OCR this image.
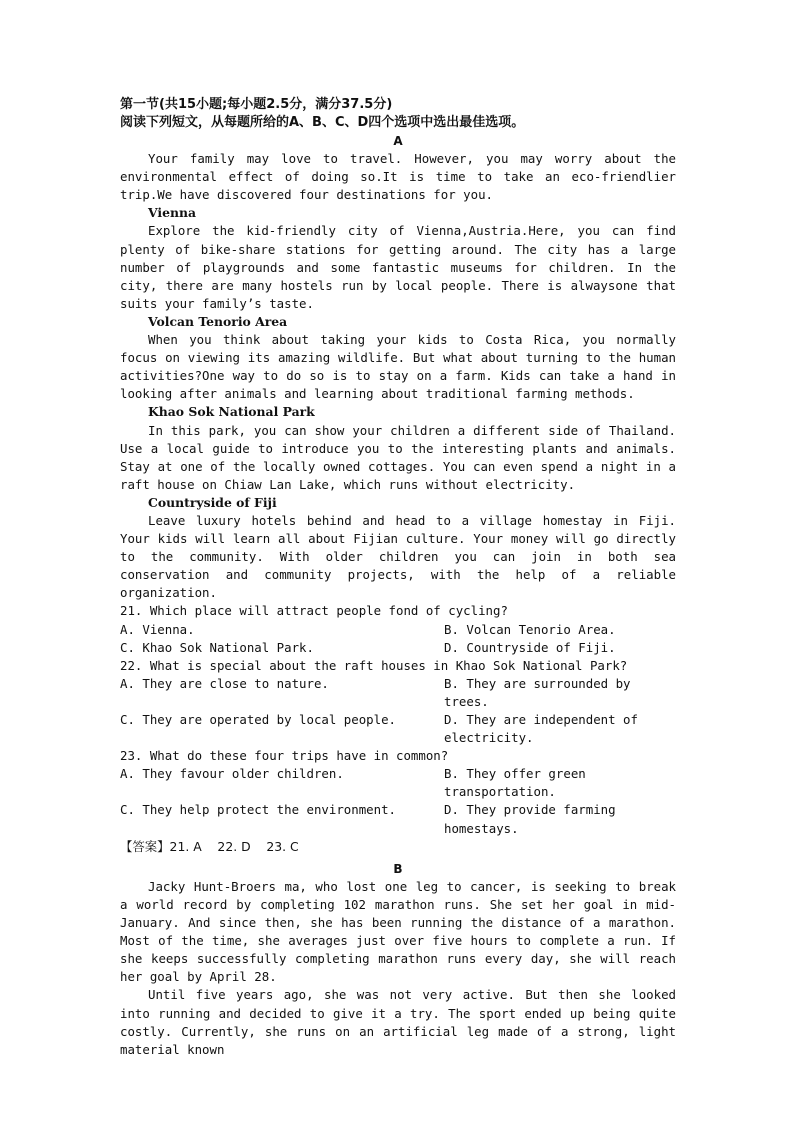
第一节(共15小题;每小题2.5分，满分37.5分)
阅读下列短文，从每题所给的A、B、C、D四个选项中选出最佳选项。
A

Your family may love to travel. However, you may worry about the environmental effect of doing so.It is time to take an eco-friendlier trip.We have discovered four destinations for you.

Vienna

Explore the kid-friendly city of Vienna,Austria.Here, you can find plenty of bike-share stations for getting around. The city has a large number of playgrounds and some fantastic museums for children. In the city, there are many hostels run by local people. There is alwaysone that suits your family’s taste.

Volcan Tenorio Area

When you think about taking your kids to Costa Rica, you normally focus on viewing its amazing wildlife. But what about turning to the human activities?One way to do so is to stay on a farm. Kids can take a hand in looking after animals and learning about traditional farming methods.

Khao Sok National Park

In this park, you can show your children a different side of Thailand. Use a local guide to introduce you to the interesting plants and animals. Stay at one of the locally owned cottages. You can even spend a night in a raft house on Chiaw Lan Lake, which runs without electricity.

Countryside of Fiji

Leave luxury hotels behind and head to a village homestay in Fiji. Your kids will learn all about Fijian culture. Your money will go directly to the community. With older children you can join in both sea conservation and community projects, with the help of a reliable organization.

21. Which place will attract people fond of cycling?

A. Vienna.	B. Volcan Tenorio Area.
C. Khao Sok National Park.	D. Countryside of Fiji.

22. What is special about the raft houses in Khao Sok National Park?

A. They are close to nature.	B. They are surrounded by trees.
C. They are operated by local people.	D. They are independent of electricity.

23. What do these four trips have in common?

A. They favour older children.	B. They offer green transportation.
C. They help protect the environment.	D. They provide farming homestays.
【答案】21. A    22. D    23. C
B

Jacky Hunt-Broers ma, who lost one leg to cancer, is seeking to break a world record by completing 102 marathon runs. She set her goal in mid-January. And since then, she has been running the distance of a marathon. Most of the time, she averages just over five hours to complete a run. If she keeps successfully completing marathon runs every day, she will reach her goal by April 28.

Until five years ago, she was not very active. But then she looked into running and decided to give it a try. The sport ended up being quite costly. Currently, she runs on an artificial leg made of a strong, light material known
